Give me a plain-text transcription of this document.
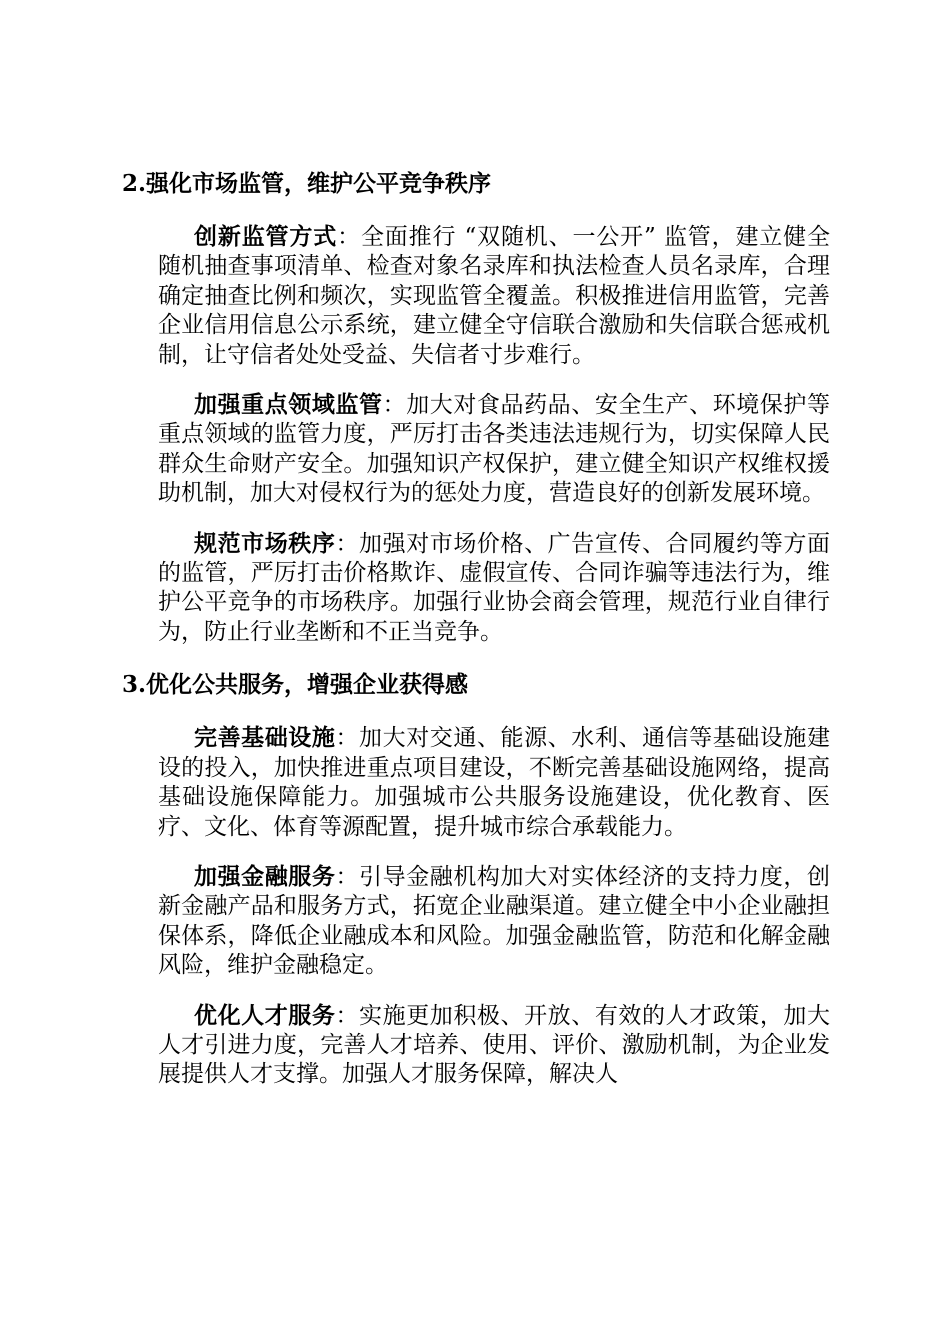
2.强化市场监管，维护公平竞争秩序

创新监管方式：全面推行 “双随机、一公开” 监管，建立健全随机抽查事项清单、检查对象名录库和执法检查人员名录库，合理确定抽查比例和频次，实现监管全覆盖。积极推进信用监管，完善企业信用信息公示系统，建立健全守信联合激励和失信联合惩戒机制，让守信者处处受益、失信者寸步难行。

加强重点领域监管：加大对食品药品、安全生产、环境保护等重点领域的监管力度，严厉打击各类违法违规行为，切实保障人民群众生命财产安全。加强知识产权保护，建立健全知识产权维权援助机制，加大对侵权行为的惩处力度，营造良好的创新发展环境。

规范市场秩序：加强对市场价格、广告宣传、合同履约等方面的监管，严厉打击价格欺诈、虚假宣传、合同诈骗等违法行为，维护公平竞争的市场秩序。加强行业协会商会管理，规范行业自律行为，防止行业垄断和不正当竞争。

3.优化公共服务，增强企业获得感

完善基础设施：加大对交通、能源、水利、通信等基础设施建设的投入，加快推进重点项目建设，不断完善基础设施网络，提高基础设施保障能力。加强城市公共服务设施建设，优化教育、医疗、文化、体育等源配置，提升城市综合承载能力。

加强金融服务：引导金融机构加大对实体经济的支持力度，创新金融产品和服务方式，拓宽企业融渠道。建立健全中小企业融担保体系，降低企业融成本和风险。加强金融监管，防范和化解金融风险，维护金融稳定。

优化人才服务：实施更加积极、开放、有效的人才政策，加大人才引进力度，完善人才培养、使用、评价、激励机制，为企业发展提供人才支撑。加强人才服务保障，解决人
